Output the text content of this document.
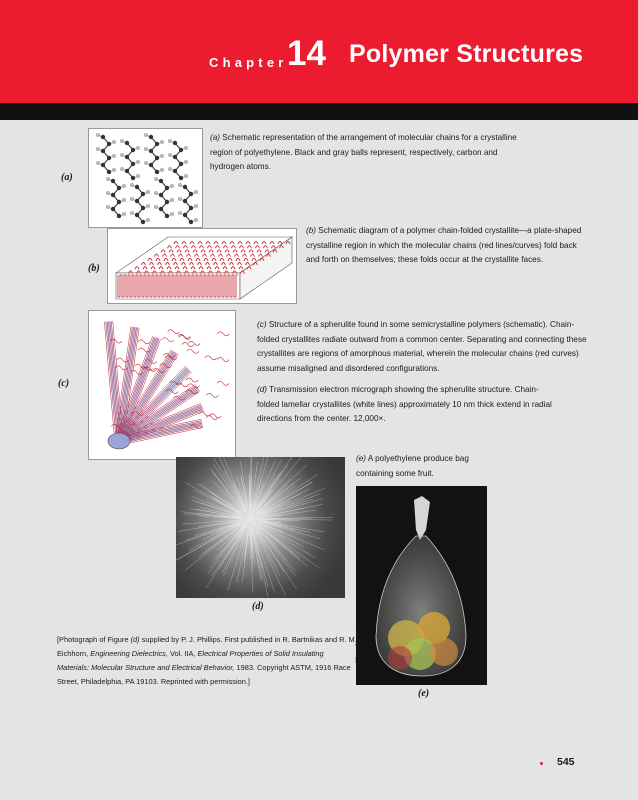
Chapter 14 Polymer Structures
(a)
(a) Schematic representation of the arrangement of molecular chains for a crystalline region of polyethylene. Black and gray balls represent, respectively, carbon and hydrogen atoms.
(b)
(b) Schematic diagram of a polymer chain-folded crystallite—a plate-shaped crystalline region in which the molecular chains (red lines/curves) fold back and forth on themselves; these folds occur at the crystallite faces.
(c)
(c) Structure of a spherulite found in some semicrystalline polymers (schematic). Chain-folded crystallites radiate outward from a common center. Separating and connecting these crystallites are regions of amorphous material, wherein the molecular chains (red curves) assume misaligned and disordered configurations.
(d) Transmission electron micrograph showing the spherulite structure. Chain-folded lamellar crystallites (white lines) approximately 10 nm thick extend in radial directions from the center. 12,000×.
(d)
(e) A polyethylene produce bag containing some fruit.
Glow Images
(e)
[Photograph of Figure (d) supplied by P. J. Phillips. First published in R. Bartnikas and R. M. Eichhorn, Engineering Dielectrics, Vol. IIA, Electrical Properties of Solid Insulating Materials: Molecular Structure and Electrical Behavior, 1983. Copyright ASTM, 1916 Race Street, Philadelphia, PA 19103. Reprinted with permission.]
545
